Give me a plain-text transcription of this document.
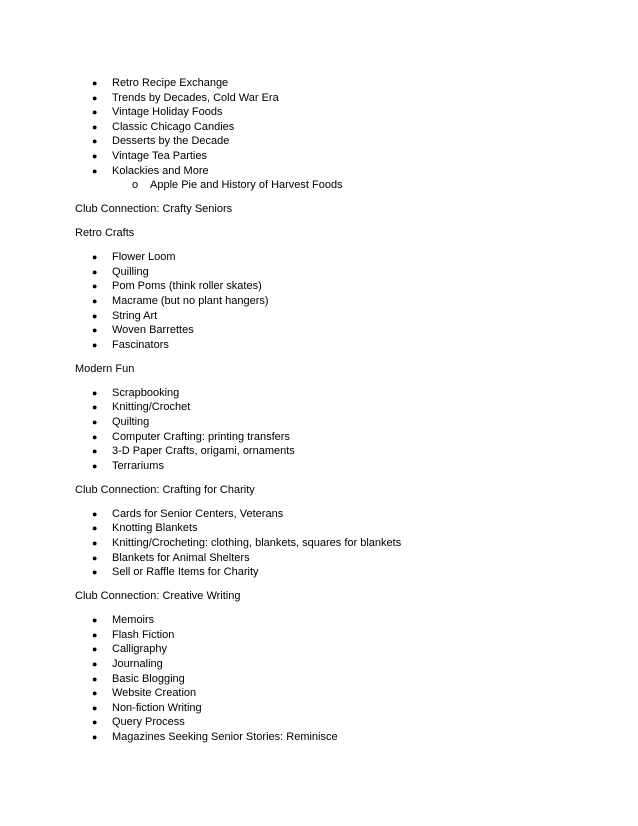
● Retro Recipe Exchange
● Trends by Decades, Cold War Era
● Vintage Holiday Foods
● Classic Chicago Candies
● Desserts by the Decade
● Vintage Tea Parties
● Kolackies and More
o Apple Pie and History of Harvest Foods
Club Connection: Crafty Seniors
Retro Crafts
● Flower Loom
● Quilling
● Pom Poms (think roller skates)
● Macrame (but no plant hangers)
● String Art
● Woven Barrettes
● Fascinators
Modern Fun
● Scrapbooking
● Knitting/Crochet
● Quilting
● Computer Crafting: printing transfers
● 3-D Paper Crafts, origami, ornaments
● Terrariums
Club Connection: Crafting for Charity
● Cards for Senior Centers, Veterans
● Knotting Blankets
● Knitting/Crocheting: clothing, blankets, squares for blankets
● Blankets for Animal Shelters
● Sell or Raffle Items for Charity
Club Connection: Creative Writing
● Memoirs
● Flash Fiction
● Calligraphy
● Journaling
● Basic Blogging
● Website Creation
● Non-fiction Writing
● Query Process
● Magazines Seeking Senior Stories: Reminisce
